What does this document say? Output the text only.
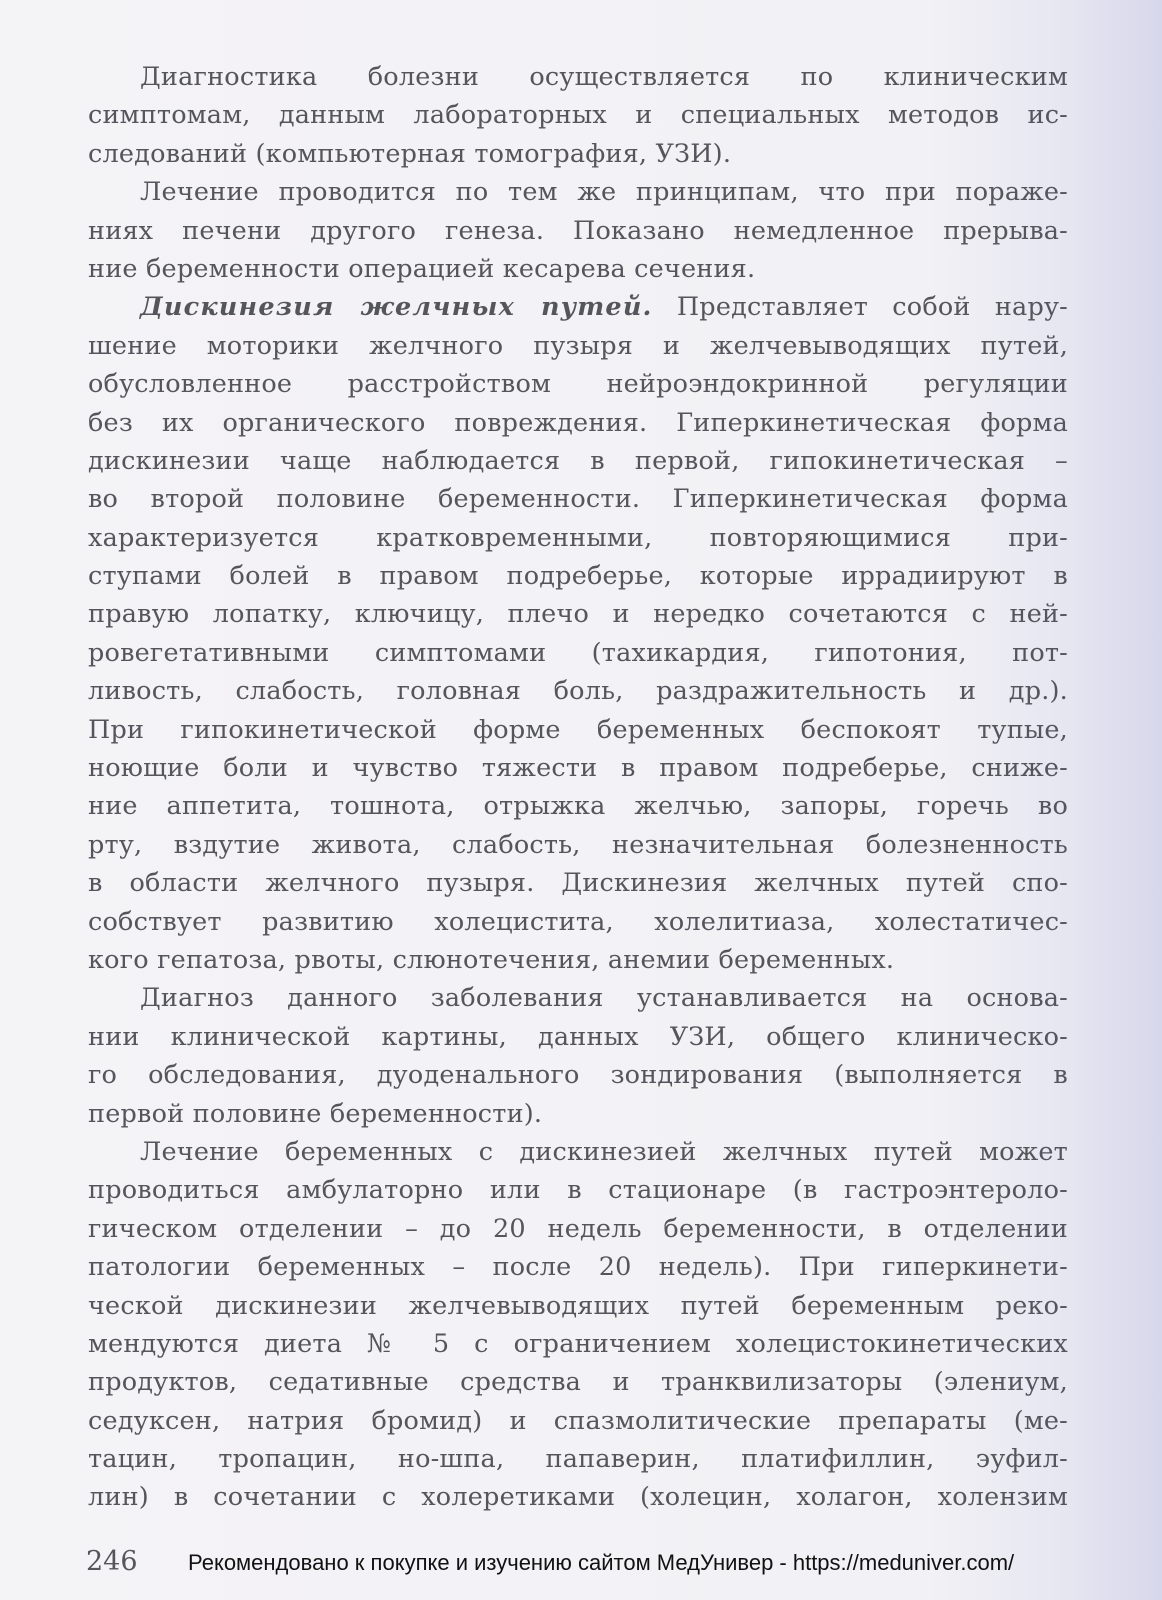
Диагностика болезни осуществляется по клиническим
симптомам, данным лабораторных и специальных методов ис-
следований (компьютерная томография, УЗИ).
Лечение проводится по тем же принципам, что при пораже-
ниях печени другого генеза. Показано немедленное прерыва-
ние беременности операцией кесарева сечения.
Дискинезия желчных путей. Представляет собой нару-
шение моторики желчного пузыря и желчевыводящих путей,
обусловленное расстройством нейроэндокринной регуляции
без их органического повреждения. Гиперкинетическая форма
дискинезии чаще наблюдается в первой, гипокинетическая –
во второй половине беременности. Гиперкинетическая форма
характеризуется кратковременными, повторяющимися при-
ступами болей в правом подреберье, которые иррадиируют в
правую лопатку, ключицу, плечо и нередко сочетаются с ней-
ровегетативными симптомами (тахикардия, гипотония, пот-
ливость, слабость, головная боль, раздражительность и др.).
При гипокинетической форме беременных беспокоят тупые,
ноющие боли и чувство тяжести в правом подреберье, сниже-
ние аппетита, тошнота, отрыжка желчью, запоры, горечь во
рту, вздутие живота, слабость, незначительная болезненность
в области желчного пузыря. Дискинезия желчных путей спо-
собствует развитию холецистита, холелитиаза, холестатичес-
кого гепатоза, рвоты, слюнотечения, анемии беременных.
Диагноз данного заболевания устанавливается на основа-
нии клинической картины, данных УЗИ, общего клиническо-
го обследования, дуоденального зондирования (выполняется в
первой половине беременности).
Лечение беременных с дискинезией желчных путей может
проводиться амбулаторно или в стационаре (в гастроэнтероло-
гическом отделении – до 20 недель беременности, в отделении
патологии беременных – после 20 недель). При гиперкинети-
ческой дискинезии желчевыводящих путей беременным реко-
мендуются диета № 5 с ограничением холецистокинетических
продуктов, седативные средства и транквилизаторы (элениум,
седуксен, натрия бромид) и спазмолитические препараты (ме-
тацин, тропацин, но-шпа, папаверин, платифиллин, эуфил-
лин) в сочетании с холеретиками (холецин, холагон, холензим
246 Рекомендовано к покупке и изучению сайтом МедУнивер - https://meduniver.com/
